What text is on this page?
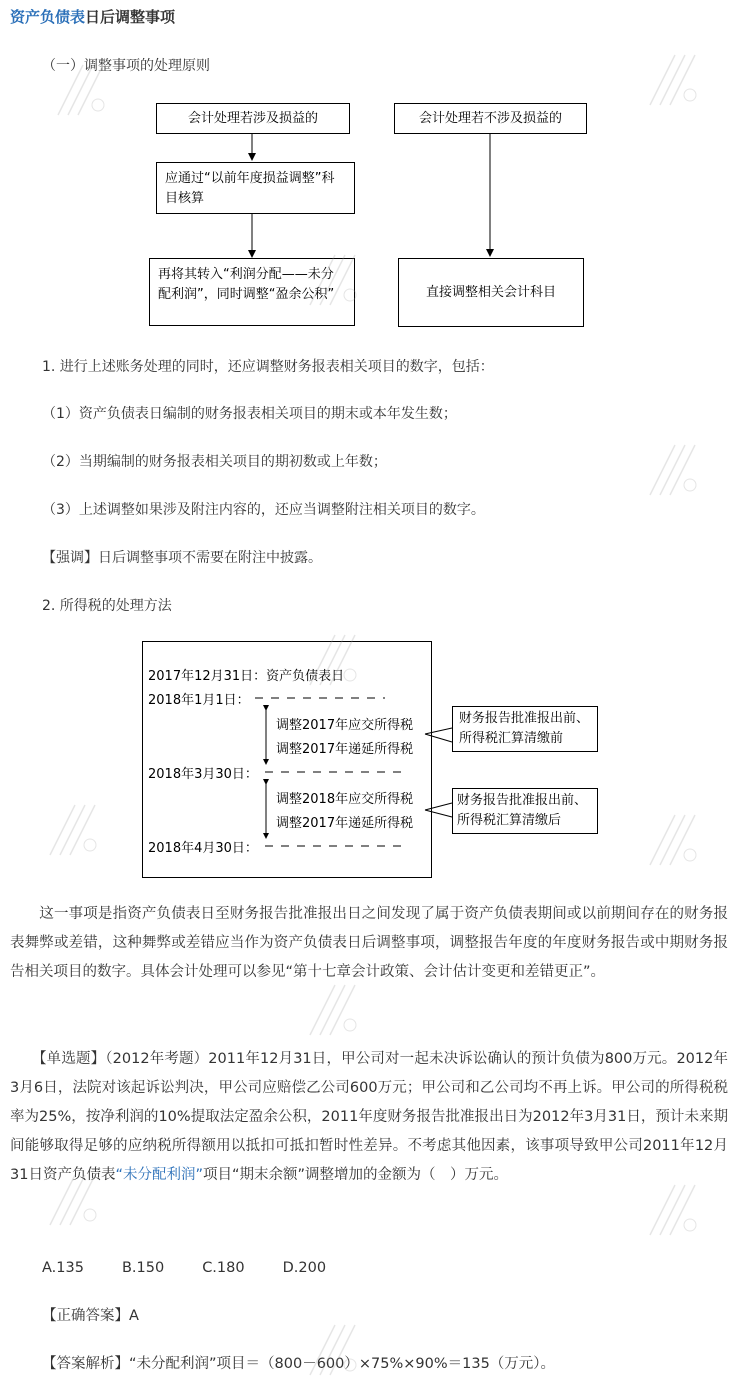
资产负债表日后调整事项
（一）调整事项的处理原则
会计处理若涉及损益的
应通过“以前年度损益调整”科目核算
再将其转入“利润分配——未分配利润”，同时调整“盈余公积”
会计处理若不涉及损益的
直接调整相关会计科目
1. 进行上述账务处理的同时，还应调整财务报表相关项目的数字，包括：
（1）资产负债表日编制的财务报表相关项目的期末或本年发生数；
（2）当期编制的财务报表相关项目的期初数或上年数；
（3）上述调整如果涉及附注内容的，还应当调整附注相关项目的数字。
【强调】日后调整事项不需要在附注中披露。
2. 所得税的处理方法
2017年12月31日：资产负债表日
2018年1月1日：
调整2017年应交所得税
调整2017年递延所得税
2018年3月30日：
调整2018年应交所得税
调整2017年递延所得税
2018年4月30日：
财务报告批准报出前、
所得税汇算清缴前
财务报告批准报出前、
所得税汇算清缴后
　　这一事项是指资产负债表日至财务报告批准报出日之间发现了属于资产负债表期间或以前期间存在的财务报表舞弊或差错，这种舞弊或差错应当作为资产负债表日后调整事项，调整报告年度的年度财务报告或中期财务报告相关项目的数字。具体会计处理可以参见“第十七章会计政策、会计估计变更和差错更正”。
　　【单选题】（2012年考题）2011年12月31日，甲公司对一起未决诉讼确认的预计负债为800万元。2012年3月6日，法院对该起诉讼判决，甲公司应赔偿乙公司600万元；甲公司和乙公司均不再上诉。甲公司的所得税税率为25%，按净利润的10%提取法定盈余公积，2011年度财务报告批准报出日为2012年3月31日，预计未来期间能够取得足够的应纳税所得额用以抵扣可抵扣暂时性差异。不考虑其他因素，该事项导致甲公司2011年12月31日资产负债表“未分配利润”项目“期末余额”调整增加的金额为（　）万元。
A.135	B.150	C.180	D.200
【正确答案】A
【答案解析】“未分配利润”项目＝（800－600）×75%×90%＝135（万元）。
